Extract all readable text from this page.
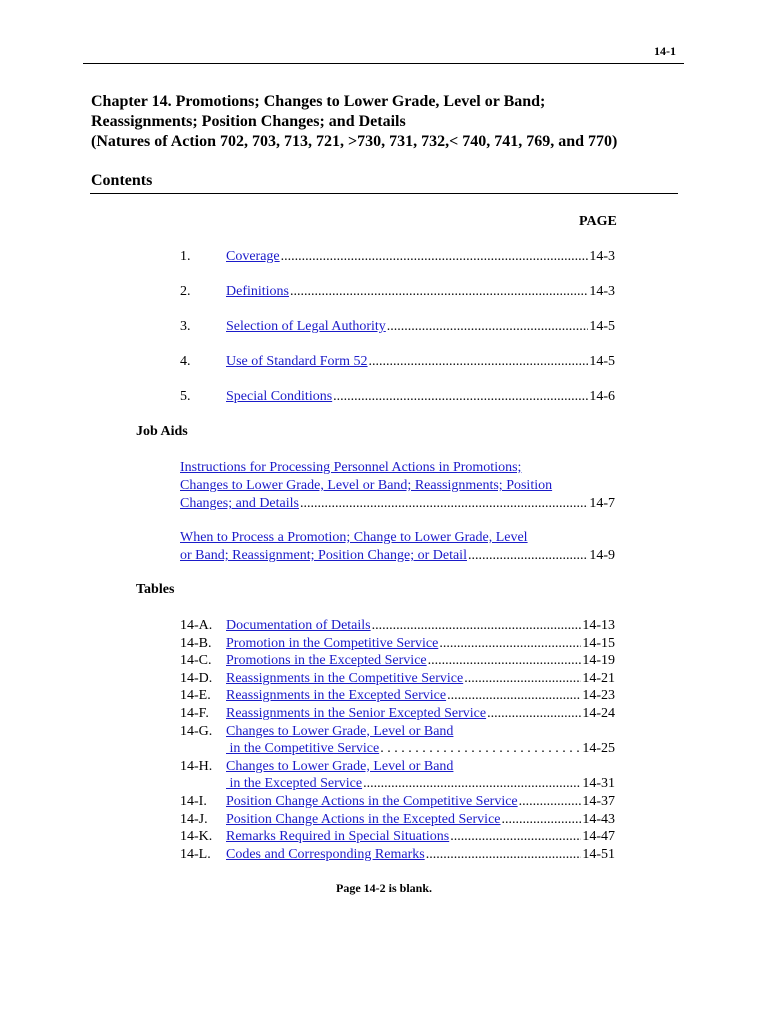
14-1
Chapter 14. Promotions; Changes to Lower Grade, Level or Band;
Reassignments; Position Changes; and Details
(Natures of Action 702, 703, 713, 721, >730, 731, 732,< 740, 741, 769, and 770)
Contents
PAGE
1.	Coverage .....	14-3
2.	Definitions .....	14-3
3.	Selection of Legal Authority .....	14-5
4.	Use of Standard Form 52 .....	14-5
5.	Special Conditions .....	14-6
Job Aids
Instructions for Processing Personnel Actions in Promotions;
Changes to Lower Grade, Level or Band; Reassignments; Position
Changes; and Details .....	14-7
When to Process a Promotion; Change to Lower Grade, Level
or Band; Reassignment; Position Change; or Detail .....	14-9
Tables
14-A. Documentation of Details .....	14-13
14-B. Promotion in the Competitive Service .....	14-15
14-C. Promotions in the Excepted Service .....	14-19
14-D. Reassignments in the Competitive Service .....	14-21
14-E. Reassignments in the Excepted Service .....	14-23
14-F. Reassignments in the Senior Excepted Service .....	14-24
14-G. Changes to Lower Grade, Level or Band
in the Competitive Service . . .	14-25
14-H. Changes to Lower Grade, Level or Band
in the Excepted Service .....	14-31
14-I. Position Change Actions in the Competitive Service .....	14-37
14-J. Position Change Actions in the Excepted Service .....	14-43
14-K. Remarks Required in Special Situations .....	14-47
14-L. Codes and Corresponding Remarks .....	14-51
Page 14-2 is blank.
